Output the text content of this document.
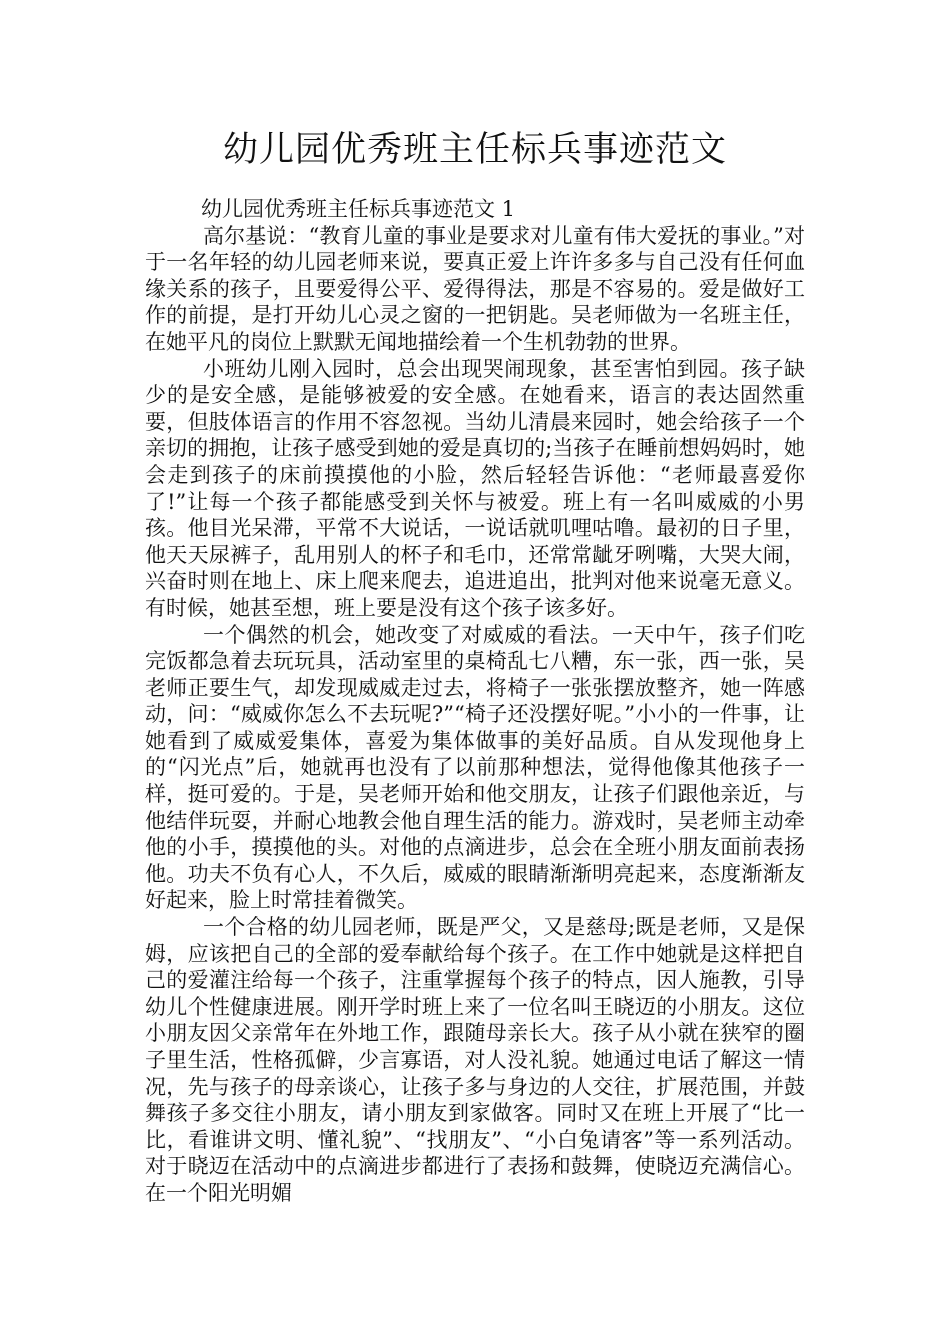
幼儿园优秀班主任标兵事迹范文

幼儿园优秀班主任标兵事迹范文 1

高尔基说：“教育儿童的事业是要求对儿童有伟大爱抚的事业。”对于一名年轻的幼儿园老师来说，要真正爱上许许多多与自己没有任何血缘关系的孩子，且要爱得公平、爱得得法，那是不容易的。爱是做好工作的前提，是打开幼儿心灵之窗的一把钥匙。吴老师做为一名班主任，在她平凡的岗位上默默无闻地描绘着一个生机勃勃的世界。

小班幼儿刚入园时，总会出现哭闹现象，甚至害怕到园。孩子缺少的是安全感，是能够被爱的安全感。在她看来，语言的表达固然重要，但肢体语言的作用不容忽视。当幼儿清晨来园时，她会给孩子一个亲切的拥抱，让孩子感受到她的爱是真切的;当孩子在睡前想妈妈时，她会走到孩子的床前摸摸他的小脸，然后轻轻告诉他：“老师最喜爱你了!”让每一个孩子都能感受到关怀与被爱。班上有一名叫威威的小男孩。他目光呆滞，平常不大说话，一说话就叽哩咕噜。最初的日子里，他天天尿裤子，乱用别人的杯子和毛巾，还常常龇牙咧嘴，大哭大闹，兴奋时则在地上、床上爬来爬去，追进追出，批判对他来说毫无意义。有时候，她甚至想，班上要是没有这个孩子该多好。

一个偶然的机会，她改变了对威威的看法。一天中午，孩子们吃完饭都急着去玩玩具，活动室里的桌椅乱七八糟，东一张，西一张，吴老师正要生气，却发现威威走过去，将椅子一张张摆放整齐，她一阵感动，问：“威威你怎么不去玩呢?”“椅子还没摆好呢。”小小的一件事，让她看到了威威爱集体，喜爱为集体做事的美好品质。自从发现他身上的“闪光点”后，她就再也没有了以前那种想法，觉得他像其他孩子一样，挺可爱的。于是，吴老师开始和他交朋友，让孩子们跟他亲近，与他结伴玩耍，并耐心地教会他自理生活的能力。游戏时，吴老师主动牵他的小手，摸摸他的头。对他的点滴进步，总会在全班小朋友面前表扬他。功夫不负有心人，不久后，威威的眼睛渐渐明亮起来，态度渐渐友好起来，脸上时常挂着微笑。

一个合格的幼儿园老师，既是严父，又是慈母;既是老师，又是保姆，应该把自己的全部的爱奉献给每个孩子。在工作中她就是这样把自己的爱灌注给每一个孩子，注重掌握每个孩子的特点，因人施教，引导幼儿个性健康进展。刚开学时班上来了一位名叫王晓迈的小朋友。这位小朋友因父亲常年在外地工作，跟随母亲长大。孩子从小就在狭窄的圈子里生活，性格孤僻，少言寡语，对人没礼貌。她通过电话了解这一情况，先与孩子的母亲谈心，让孩子多与身边的人交往，扩展范围，并鼓舞孩子多交往小朋友，请小朋友到家做客。同时又在班上开展了“比一比，看谁讲文明、懂礼貌”、“找朋友”、“小白兔请客”等一系列活动。对于晓迈在活动中的点滴进步都进行了表扬和鼓舞，使晓迈充满信心。在一个阳光明媚
